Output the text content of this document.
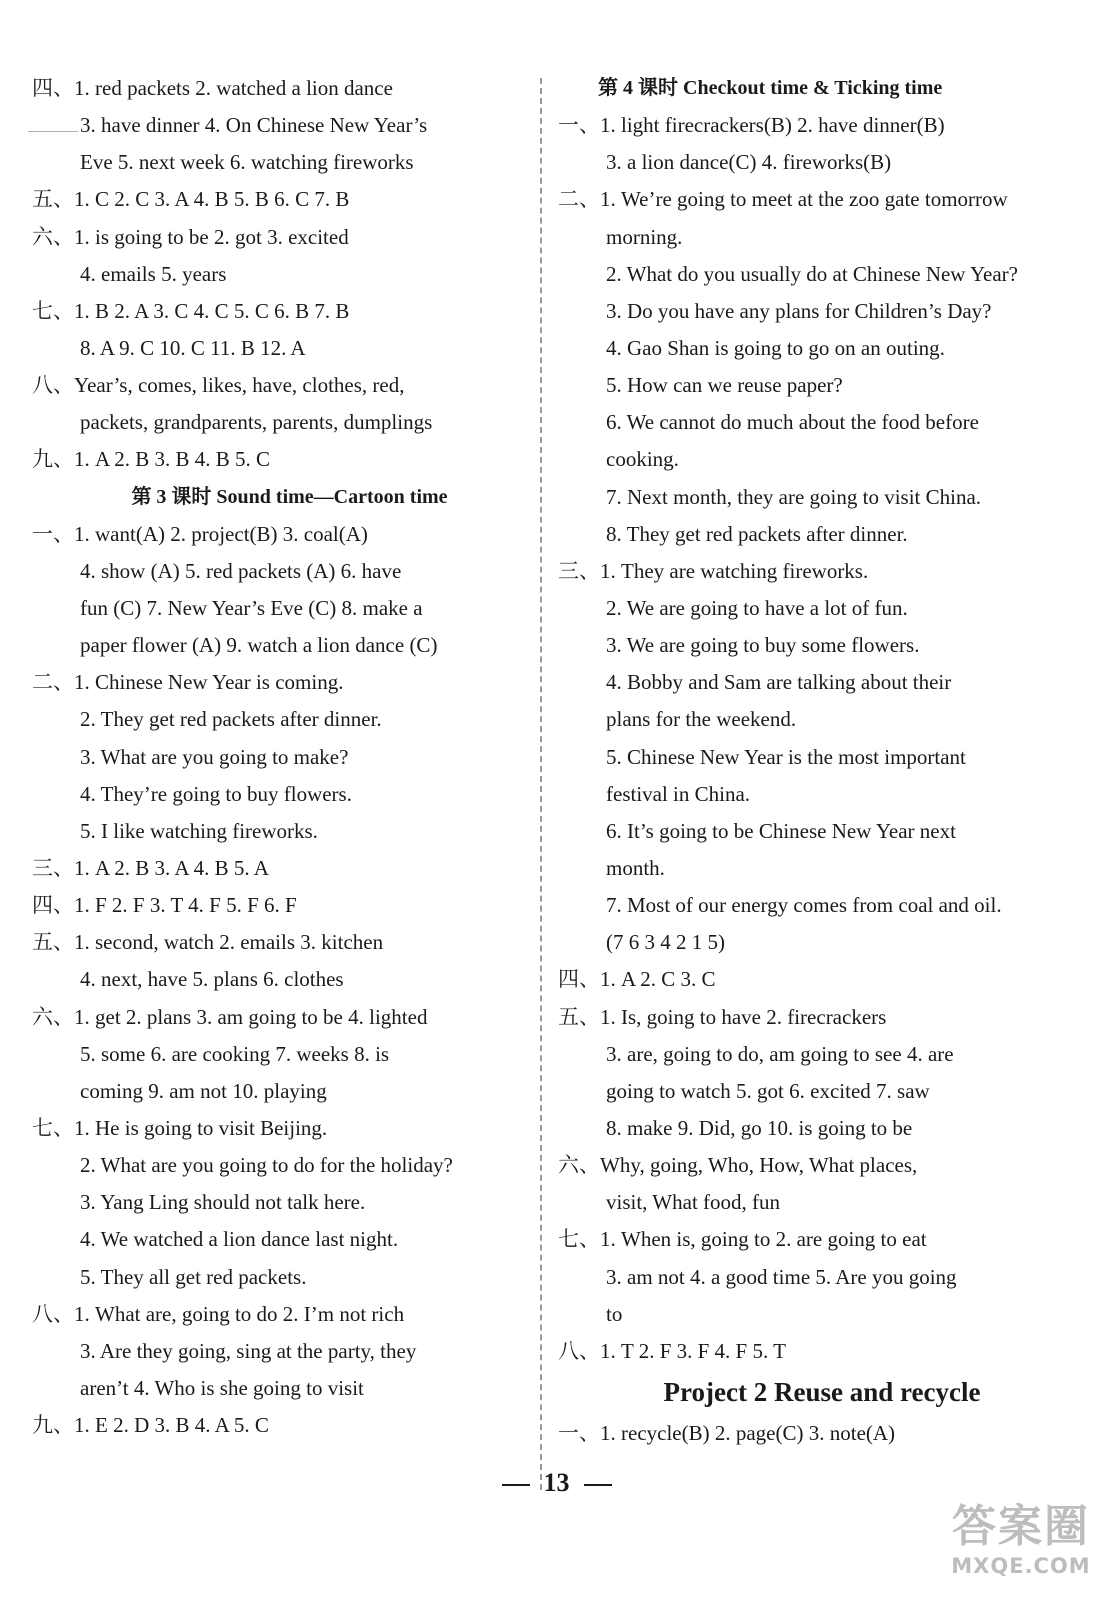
四、1. red packets 2. watched a lion dance
3. have dinner 4. On Chinese New Year’s
Eve 5. next week 6. watching fireworks
五、1. C 2. C 3. A 4. B 5. B 6. C 7. B
六、1. is going to be 2. got 3. excited
4. emails 5. years
七、1. B 2. A 3. C 4. C 5. C 6. B 7. B
8. A 9. C 10. C 11. B 12. A
八、Year’s, comes, likes, have, clothes, red,
packets, grandparents, parents, dumplings
九、1. A 2. B 3. B 4. B 5. C
第 3 课时 Sound time—Cartoon time
一、1. want(A) 2. project(B) 3. coal(A)
4. show (A) 5. red packets (A) 6. have
fun (C) 7. New Year’s Eve (C) 8. make a
paper flower (A) 9. watch a lion dance (C)
二、1. Chinese New Year is coming.
2. They get red packets after dinner.
3. What are you going to make?
4. They’re going to buy flowers.
5. I like watching fireworks.
三、1. A 2. B 3. A 4. B 5. A
四、1. F 2. F 3. T 4. F 5. F 6. F
五、1. second, watch 2. emails 3. kitchen
4. next, have 5. plans 6. clothes
六、1. get 2. plans 3. am going to be 4. lighted
5. some 6. are cooking 7. weeks 8. is
coming 9. am not 10. playing
七、1. He is going to visit Beijing.
2. What are you going to do for the holiday?
3. Yang Ling should not talk here.
4. We watched a lion dance last night.
5. They all get red packets.
八、1. What are, going to do 2. I’m not rich
3. Are they going, sing at the party, they
aren’t 4. Who is she going to visit
九、1. E 2. D 3. B 4. A 5. C
第 4 课时 Checkout time & Ticking time
一、1. light firecrackers(B) 2. have dinner(B)
3. a lion dance(C) 4. fireworks(B)
二、1. We’re going to meet at the zoo gate tomorrow
morning.
2. What do you usually do at Chinese New Year?
3. Do you have any plans for Children’s Day?
4. Gao Shan is going to go on an outing.
5. How can we reuse paper?
6. We cannot do much about the food before
cooking.
7. Next month, they are going to visit China.
8. They get red packets after dinner.
三、1. They are watching fireworks.
2. We are going to have a lot of fun.
3. We are going to buy some flowers.
4. Bobby and Sam are talking about their
plans for the weekend.
5. Chinese New Year is the most important
festival in China.
6. It’s going to be Chinese New Year next
month.
7. Most of our energy comes from coal and oil.
(7 6 3 4 2 1 5)
四、1. A 2. C 3. C
五、1. Is, going to have 2. firecrackers
3. are, going to do, am going to see 4. are
going to watch 5. got 6. excited 7. saw
8. make 9. Did, go 10. is going to be
六、Why, going, Who, How, What places,
visit, What food, fun
七、1. When is, going to 2. are going to eat
3. am not 4. a good time 5. Are you going
to
八、1. T 2. F 3. F 4. F 5. T
Project 2 Reuse and recycle
一、1. recycle(B) 2. page(C) 3. note(A)
13
答案圈
MXQE.COM
